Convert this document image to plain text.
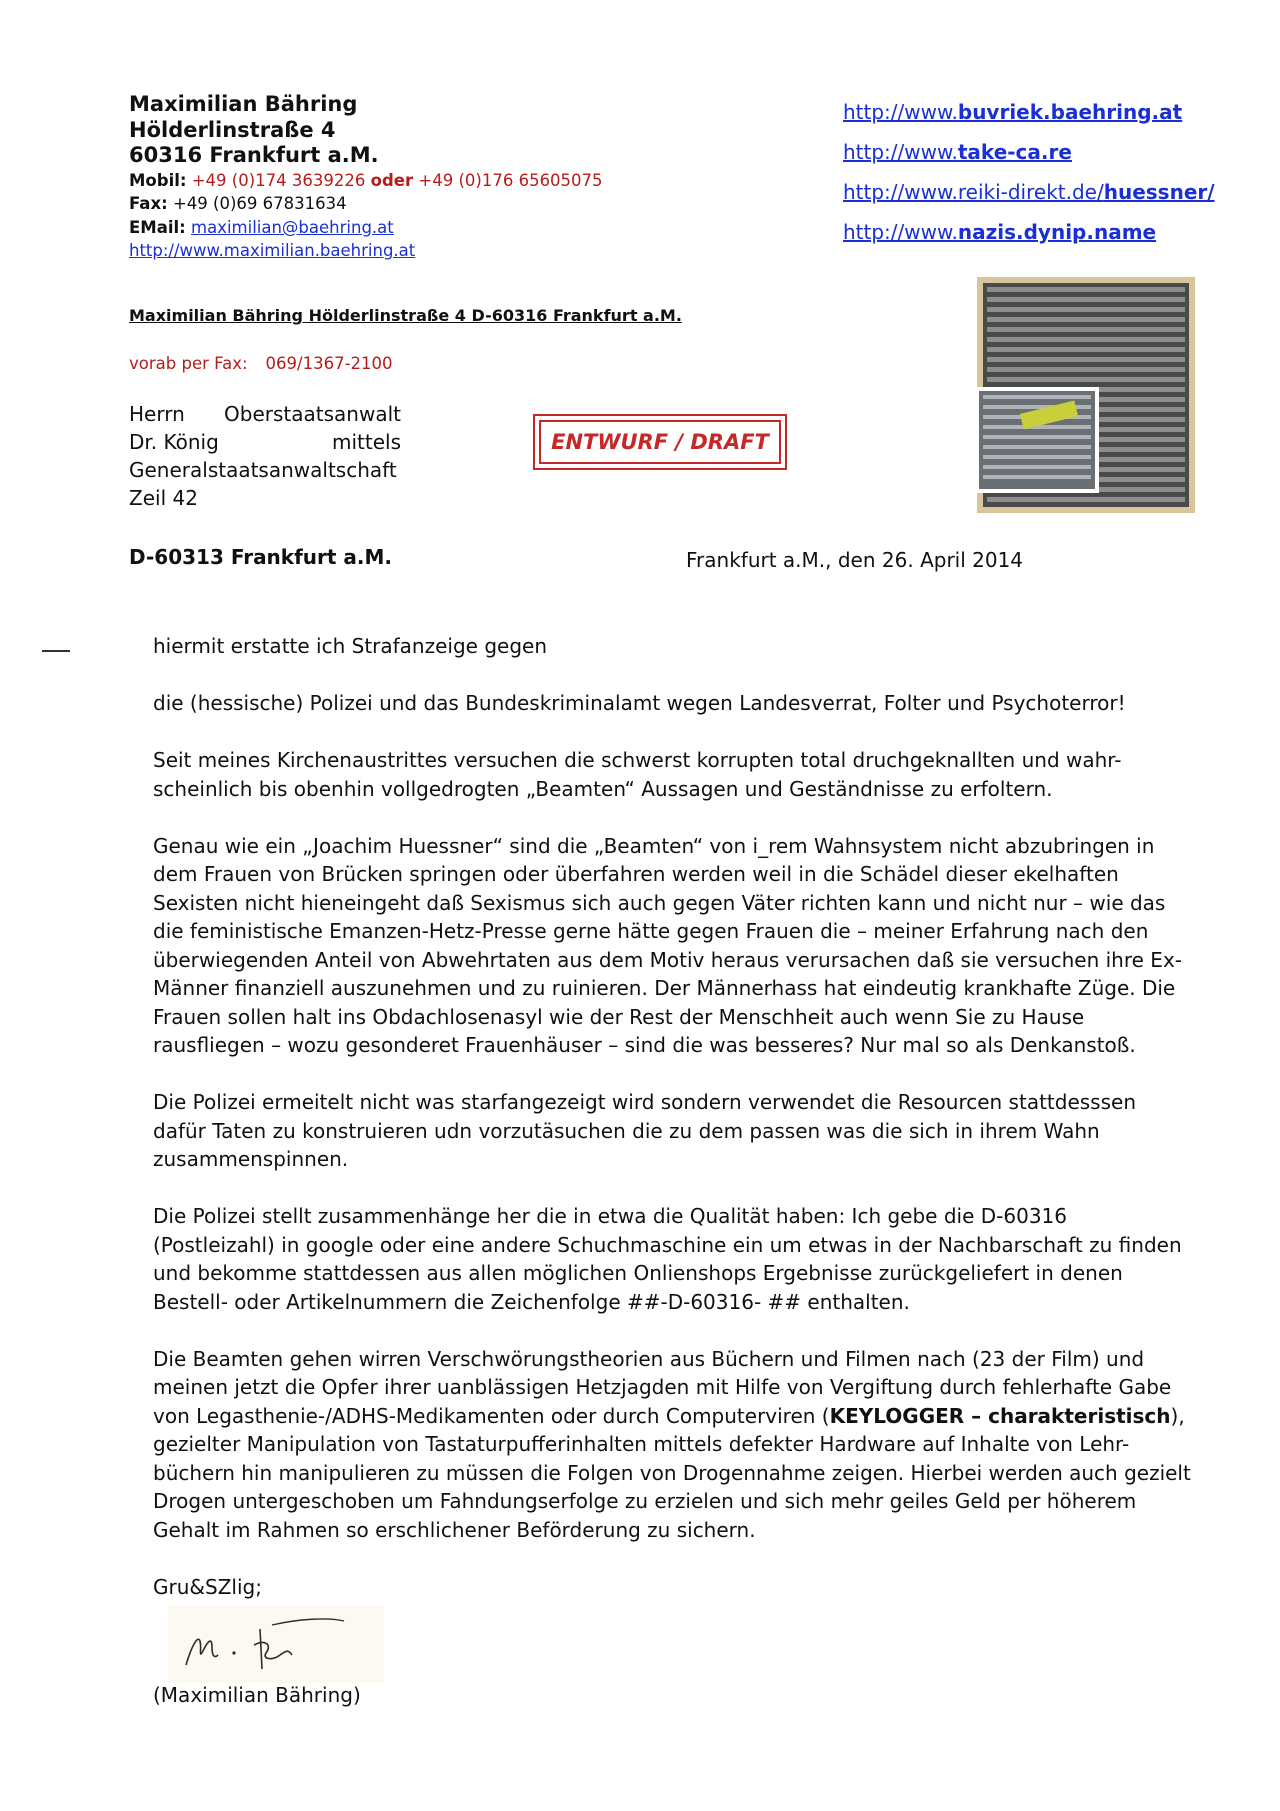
Maximilian Bähring
Hölderlinstraße 4
60316 Frankfurt a.M.
Mobil: +49 (0)174 3639226 oder +49 (0)176 65605075
Fax: +49 (0)69 67831634
EMail: maximilian@baehring.at
http://www.maximilian.baehring.at
http://www.buvriek.baehring.at
http://www.take-ca.re
http://www.reiki-direkt.de/huessner/
http://www.nazis.dynip.name
Maximilian Bähring Hölderlinstraße 4 D-60316 Frankfurt a.M.
vorab per Fax: 069/1367-2100
Herrn Oberstaatsanwalt
Dr. König	mittels
Generalstaatsanwaltschaft
Zeil 42
D-60313 Frankfurt a.M.	Frankfurt a.M., den 26. April 2014
ENTWURF / DRAFT

hiermit erstatte ich Strafanzeige gegen

die (hessische) Polizei und das Bundeskriminalamt wegen Landesverrat, Folter und Psychoterror!

Seit meines Kirchenaustrittes versuchen die schwerst korrupten total druchgeknallten und wahr-scheinlich bis obenhin vollgedrogten „Beamten“ Aussagen und Geständnisse zu erfoltern.

Genau wie ein „Joachim Huessner“ sind die „Beamten“ von i_rem Wahnsystem nicht abzubringen in dem Frauen von Brücken springen oder überfahren werden weil in die Schädel dieser ekelhaften Sexisten nicht hieneingeht daß Sexismus sich auch gegen Väter richten kann und nicht nur – wie das die feministische Emanzen-Hetz-Presse gerne hätte gegen Frauen die – meiner Erfahrung nach den überwiegenden Anteil von Abwehrtaten aus dem Motiv heraus verursachen daß sie versuchen ihre Ex-Männer finanziell auszunehmen und zu ruinieren. Der Männerhass hat eindeutig krankhafte Züge. Die Frauen sollen halt ins Obdachlosenasyl wie der Rest der Menschheit auch wenn Sie zu Hause rausfliegen – wozu gesonderet Frauenhäuser – sind die was besseres? Nur mal so als Denkanstoß.

Die Polizei ermeitelt nicht was starfangezeigt wird sondern verwendet die Resourcen stattdesssen dafür Taten zu konstruieren udn vorzutäsuchen die zu dem passen was die sich in ihrem Wahn zusammenspinnen.

Die Polizei stellt zusammenhänge her die in etwa die Qualität haben: Ich gebe die D-60316 (Postleizahl) in google oder eine andere Schuchmaschine ein um etwas in der Nachbarschaft zu finden und bekomme stattdessen aus allen möglichen Onlienshops Ergebnisse zurückgeliefert in denen Bestell- oder Artikelnummern die Zeichenfolge ##-D-60316- ## enthalten.

Die Beamten gehen wirren Verschwörungstheorien aus Büchern und Filmen nach (23 der Film) und meinen jetzt die Opfer ihrer uanblässigen Hetzjagden mit Hilfe von Vergiftung durch fehlerhafte Gabe von Legasthenie-/ADHS-Medikamenten oder durch Computerviren (KEYLOGGER – charakteristisch), gezielter Manipulation von Tastaturpufferinhalten mittels defekter Hardware auf Inhalte von Lehr-büchern hin manipulieren zu müssen die Folgen von Drogennahme zeigen. Hierbei werden auch gezielt Drogen untergeschoben um Fahndungserfolge zu erzielen und sich mehr geiles Geld per höherem Gehalt im Rahmen so erschlichener Beförderung zu sichern.

Gru&SZlig;

(Maximilian Bähring)
